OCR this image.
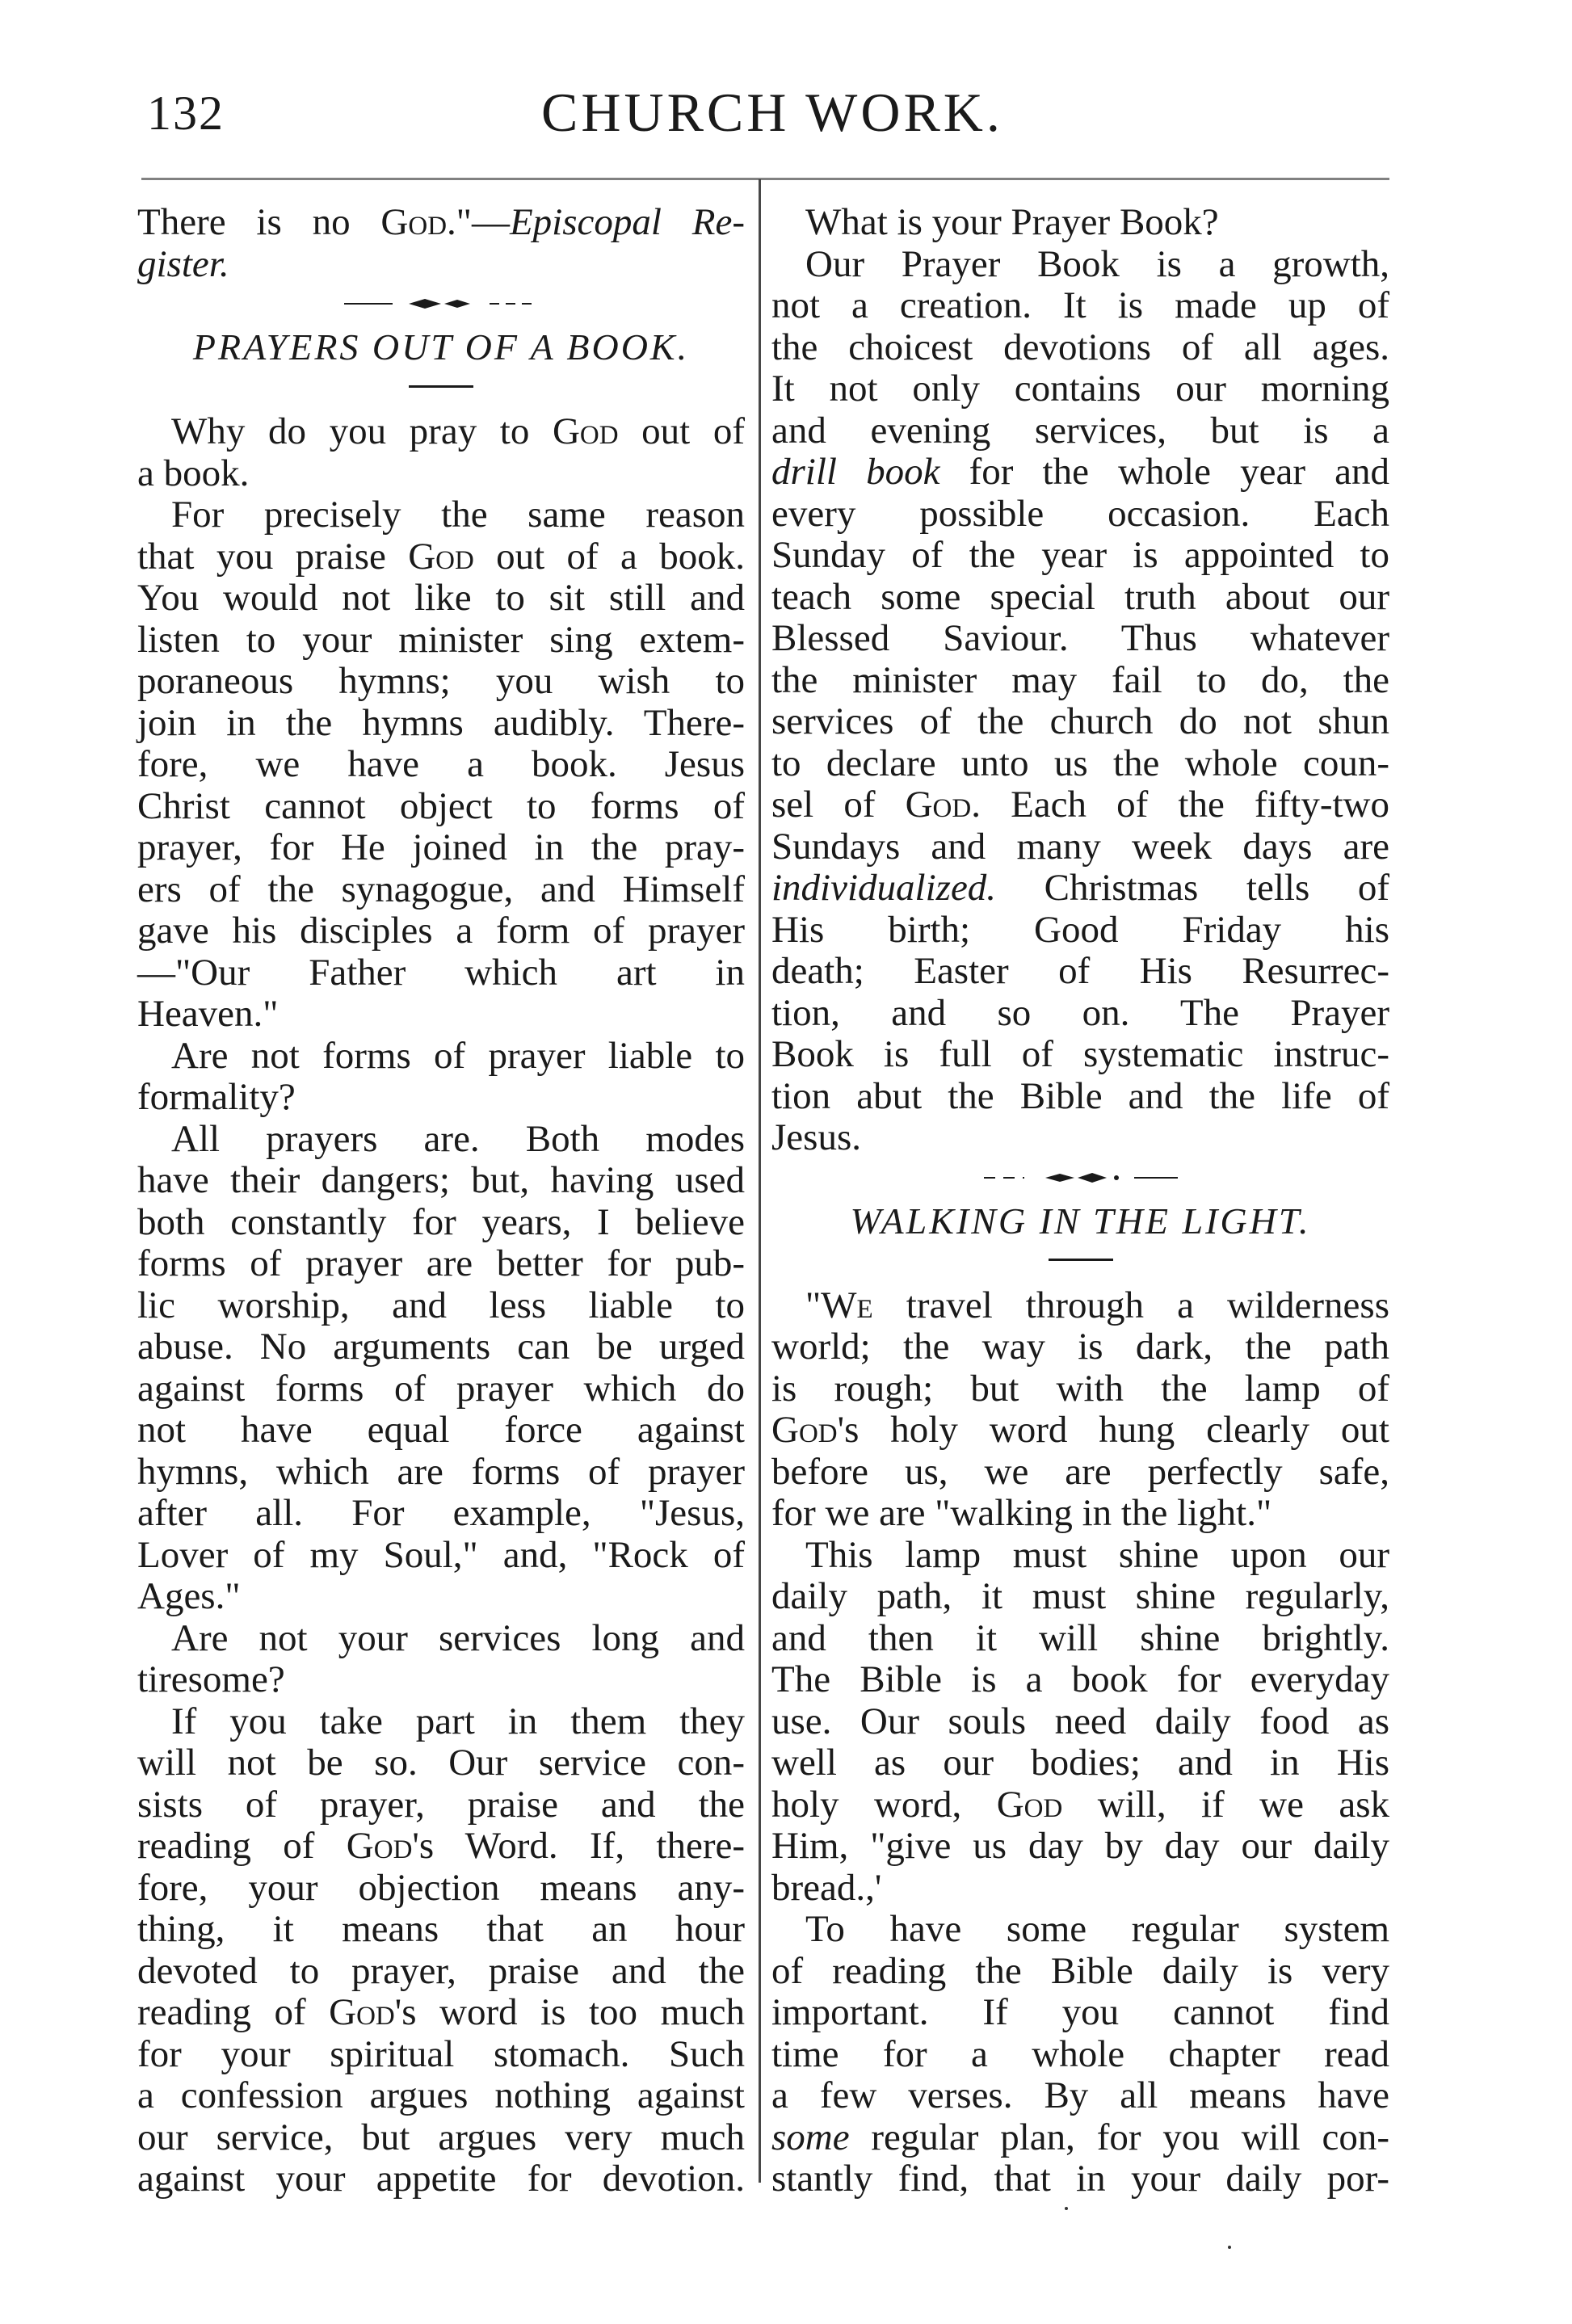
132	CHURCH WORK.
There is no God."—Episcopal Re-
gister.
PRAYERS OUT OF A BOOK.
Why do you pray to God out of
a book.
For precisely the same reason
that you praise God out of a book.
You would not like to sit still and
listen to your minister sing extem-
poraneous hymns; you wish to
join in the hymns audibly. There-
fore, we have a book. Jesus
Christ cannot object to forms of
prayer, for He joined in the pray-
ers of the synagogue, and Himself
gave his disciples a form of prayer
—"Our Father which art in
Heaven."
Are not forms of prayer liable to
formality?
All prayers are. Both modes
have their dangers; but, having used
both constantly for years, I believe
forms of prayer are better for pub-
lic worship, and less liable to
abuse. No arguments can be urged
against forms of prayer which do
not have equal force against
hymns, which are forms of prayer
after all. For example, "Jesus,
Lover of my Soul," and, "Rock of
Ages."
Are not your services long and
tiresome?
If you take part in them they
will not be so. Our service con-
sists of prayer, praise and the
reading of God's Word. If, there-
fore, your objection means any-
thing, it means that an hour
devoted to prayer, praise and the
reading of God's word is too much
for your spiritual stomach. Such
a confession argues nothing against
our service, but argues very much
against your appetite for devotion.
What is your Prayer Book?
Our Prayer Book is a growth,
not a creation. It is made up of
the choicest devotions of all ages.
It not only contains our morning
and evening services, but is a
drill book for the whole year and
every possible occasion. Each
Sunday of the year is appointed to
teach some special truth about our
Blessed Saviour. Thus whatever
the minister may fail to do, the
services of the church do not shun
to declare unto us the whole coun-
sel of God. Each of the fifty-two
Sundays and many week days are
individualized. Christmas tells of
His birth; Good Friday his
death; Easter of His Resurrec-
tion, and so on. The Prayer
Book is full of systematic instruc-
tion abut the Bible and the life of
Jesus.
WALKING IN THE LIGHT.
"We travel through a wilderness
world; the way is dark, the path
is rough; but with the lamp of
God's holy word hung clearly out
before us, we are perfectly safe,
for we are "walking in the light."
This lamp must shine upon our
daily path, it must shine regularly,
and then it will shine brightly.
The Bible is a book for everyday
use. Our souls need daily food as
well as our bodies; and in His
holy word, God will, if we ask
Him, "give us day by day our daily
bread.,'
To have some regular system
of reading the Bible daily is very
important. If you cannot find
time for a whole chapter read
a few verses. By all means have
some regular plan, for you will con-
stantly find, that in your daily por-
